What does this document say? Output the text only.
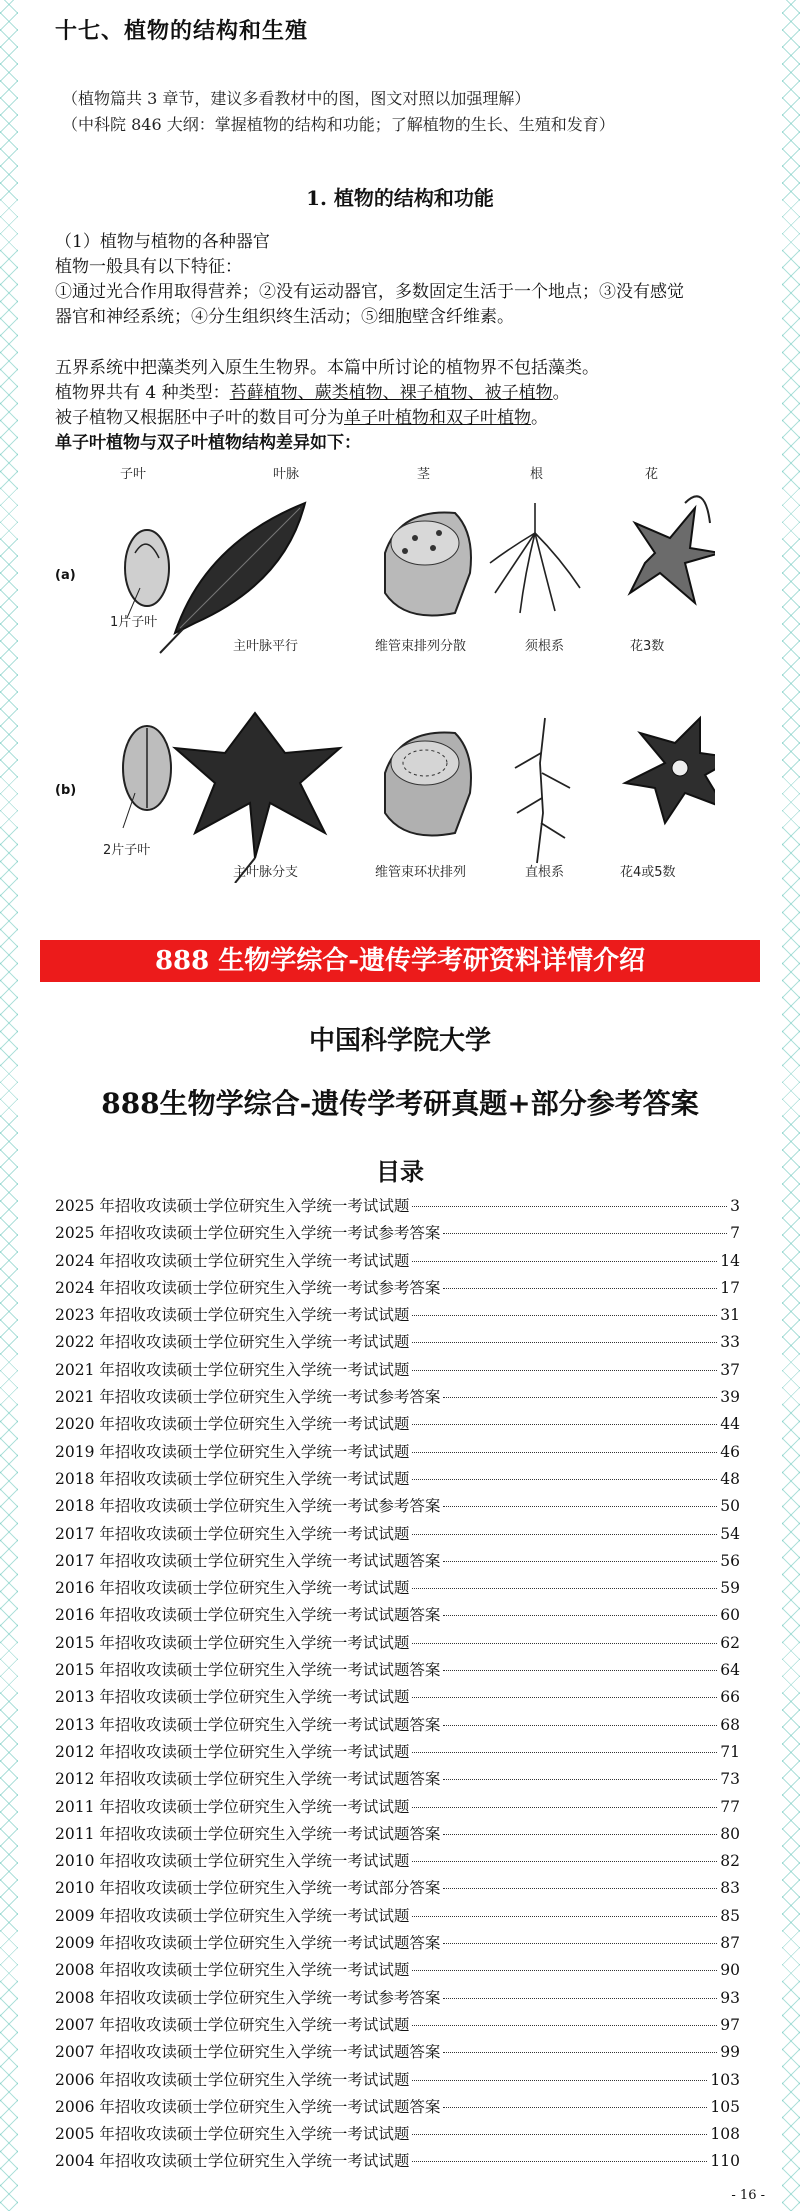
十七、植物的结构和生殖
（植物篇共 3 章节，建议多看教材中的图，图文对照以加强理解）
（中科院 846 大纲：掌握植物的结构和功能；了解植物的生长、生殖和发育）
1. 植物的结构和功能
（1）植物与植物的各种器官
植物一般具有以下特征：
①通过光合作用取得营养；②没有运动器官，多数固定生活于一个地点；③没有感觉
器官和神经系统；④分生组织终生活动；⑤细胞壁含纤维素。
五界系统中把藻类列入原生生物界。本篇中所讨论的植物界不包括藻类。
植物界共有 4 种类型：苔藓植物、蕨类植物、裸子植物、被子植物。
被子植物又根据胚中子叶的数目可分为单子叶植物和双子叶植物。
单子叶植物与双子叶植物结构差异如下：
子叶	叶脉	茎	根	花
(a)
(b)
1片子叶
主叶脉平行	维管束排列分散	须根系	花3数
2片子叶
主叶脉分支	维管束环状排列	直根系	花4或5数
888 生物学综合-遗传学考研资料详情介绍
中国科学院大学
888生物学综合-遗传学考研真题+部分参考答案
目录
2025 年招收攻读硕士学位研究生入学统一考试试题	3
2025 年招收攻读硕士学位研究生入学统一考试参考答案	7
2024 年招收攻读硕士学位研究生入学统一考试试题	14
2024 年招收攻读硕士学位研究生入学统一考试参考答案	17
2023 年招收攻读硕士学位研究生入学统一考试试题	31
2022 年招收攻读硕士学位研究生入学统一考试试题	33
2021 年招收攻读硕士学位研究生入学统一考试试题	37
2021 年招收攻读硕士学位研究生入学统一考试参考答案	39
2020 年招收攻读硕士学位研究生入学统一考试试题	44
2019 年招收攻读硕士学位研究生入学统一考试试题	46
2018 年招收攻读硕士学位研究生入学统一考试试题	48
2018 年招收攻读硕士学位研究生入学统一考试参考答案	50
2017 年招收攻读硕士学位研究生入学统一考试试题	54
2017 年招收攻读硕士学位研究生入学统一考试试题答案	56
2016 年招收攻读硕士学位研究生入学统一考试试题	59
2016 年招收攻读硕士学位研究生入学统一考试试题答案	60
2015 年招收攻读硕士学位研究生入学统一考试试题	62
2015 年招收攻读硕士学位研究生入学统一考试试题答案	64
2013 年招收攻读硕士学位研究生入学统一考试试题	66
2013 年招收攻读硕士学位研究生入学统一考试试题答案	68
2012 年招收攻读硕士学位研究生入学统一考试试题	71
2012 年招收攻读硕士学位研究生入学统一考试试题答案	73
2011 年招收攻读硕士学位研究生入学统一考试试题	77
2011 年招收攻读硕士学位研究生入学统一考试试题答案	80
2010 年招收攻读硕士学位研究生入学统一考试试题	82
2010 年招收攻读硕士学位研究生入学统一考试部分答案	83
2009 年招收攻读硕士学位研究生入学统一考试试题	85
2009 年招收攻读硕士学位研究生入学统一考试试题答案	87
2008 年招收攻读硕士学位研究生入学统一考试试题	90
2008 年招收攻读硕士学位研究生入学统一考试参考答案	93
2007 年招收攻读硕士学位研究生入学统一考试试题	97
2007 年招收攻读硕士学位研究生入学统一考试试题答案	99
2006 年招收攻读硕士学位研究生入学统一考试试题	103
2006 年招收攻读硕士学位研究生入学统一考试试题答案	105
2005 年招收攻读硕士学位研究生入学统一考试试题	108
2004 年招收攻读硕士学位研究生入学统一考试试题	110
- 16 -
